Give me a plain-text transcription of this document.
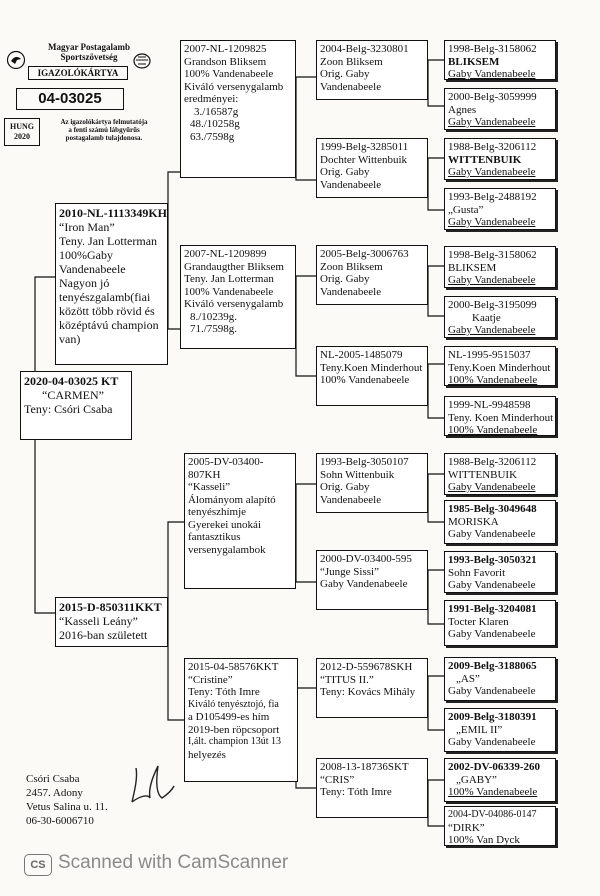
Magyar Postagalamb
Sportszövetség
IGAZOLÓKÁRTYA
04-03025
HUNG
2020
Az igazolókártya felmutatója
a fenti számú lábgyűrűs
postagalamb tulajdonosa.
2020-04-03025 KT
“CARMEN”
Teny: Csóri Csaba
2010-NL-1113349KH
“Iron Man”
Teny. Jan Lotterman
100%Gaby
Vandenabeele
Nagyon jó
tenyészgalamb(fiai
között több rövid és
középtávú champion
van)
2015-D-850311KKT
“Kasseli Leány”
2016-ban született
2007-NL-1209825
Grandson Bliksem
100% Vandenabeele
Kiváló versenygalamb
eredményei:
3./16587g
48./10258g
63./7598g
2007-NL-1209899
Grandaugther Bliksem
Teny. Jan Lotterman
100% Vandenabeele
Kiváló versenygalamb
8./10239g.
71./7598g.
2005-DV-03400-
807KH
“Kasseli”
Álományom alapító
tenyészhímje
Gyerekei unokái
fantasztikus
versenygalambok
2015-04-58576KKT
“Cristine”
Teny: Tóth Imre
Kiváló tenyésztojó, fia
a D105499-es hím
2019-ben röpcsoport
I,ált. champion 13út 13
helyezés
2004-Belg-3230801
Zoon Bliksem
Orig. Gaby
Vandenabeele
1999-Belg-3285011
Dochter Wittenbuik
Orig. Gaby
Vandenabeele
2005-Belg-3006763
Zoon Bliksem
Orig. Gaby
Vandenabeele
NL-2005-1485079
Teny.Koen Minderhout
100% Vandenabeele
1993-Belg-3050107
Sohn Wittenbuik
Orig. Gaby
Vandenabeele
2000-DV-03400-595
“Junge Sissi”
Gaby Vandenabeele
2012-D-559678SKH
“TITUS II.”
Teny: Kovács Mihály
2008-13-18736SKT
“CRIS”
Teny: Tóth Imre
1998-Belg-3158062
BLIKSEM
Gaby Vandenabeele
2000-Belg-3059999
Agnes
Gaby Vandenabeele
1988-Belg-3206112
WITTENBUIK
Gaby Vandenabeele
1993-Belg-2488192
„Gusta”
Gaby Vandenabeele
1998-Belg-3158062
BLIKSEM
Gaby Vandenabeele
2000-Belg-3195099
Kaatje
Gaby Vandenabeele
NL-1995-9515037
Teny.Koen Minderhout
100% Vandenabeele
1999-NL-9948598
Teny. Koen Minderhout
100% Vandenabeele
1988-Belg-3206112
WITTENBUIK
Gaby Vandenabeele
1985-Belg-3049648
MORISKA
Gaby Vandenabeele
1993-Belg-3050321
Sohn Favorit
Gaby Vandenabeele
1991-Belg-3204081
Tocter Klaren
Gaby Vandenabeele
2009-Belg-3188065
„AS”
Gaby Vandenabeele
2009-Belg-3180391
„EMIL II”
Gaby Vandenabeele
2002-DV-06339-260
„GABY”
100% Vandenabeele
2004-DV-04086-0147
“DIRK”
100% Van Dyck
Csóri Csaba
2457. Adony
Vetus Salina u. 11.
06-30-6006710
CS Scanned with CamScanner
